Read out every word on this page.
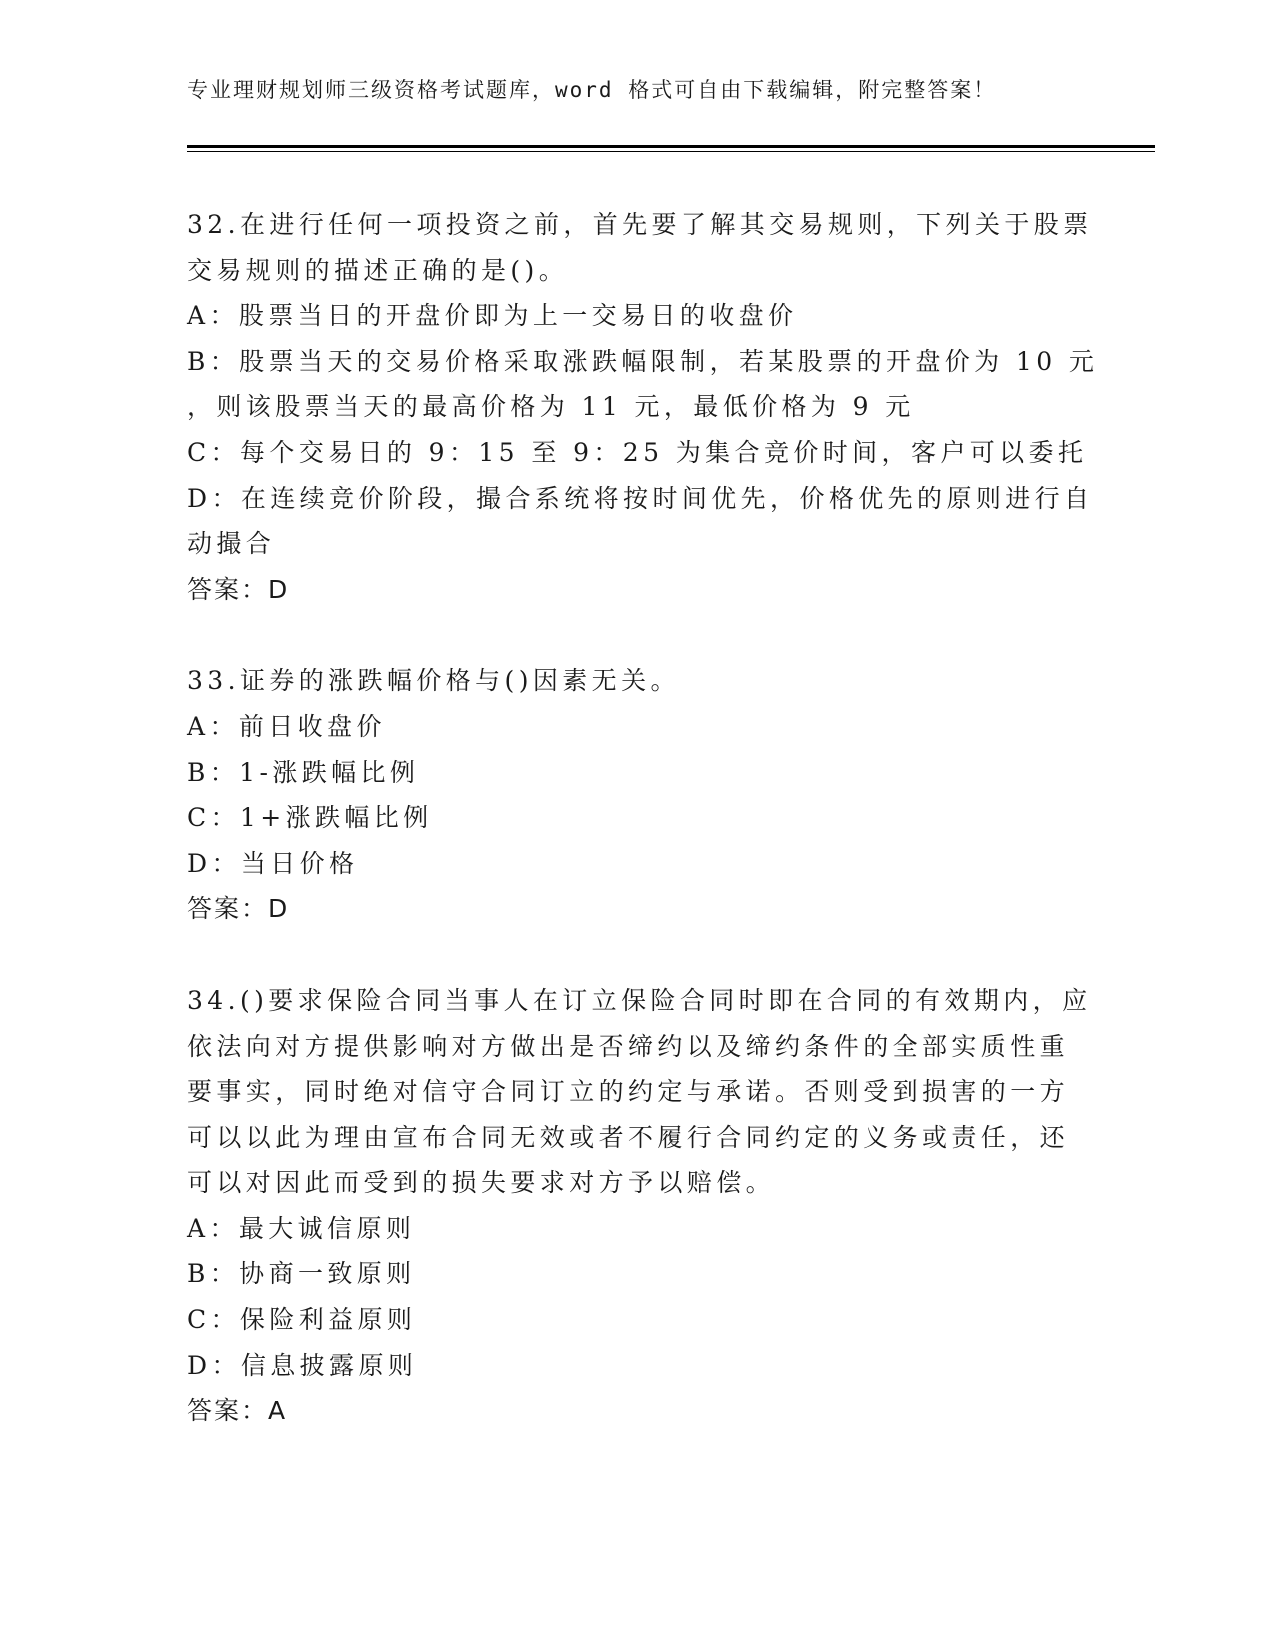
专业理财规划师三级资格考试题库，word 格式可自由下载编辑，附完整答案！
32.在进行任何一项投资之前，首先要了解其交易规则，下列关于股票
交易规则的描述正确的是()。
A：股票当日的开盘价即为上一交易日的收盘价
B：股票当天的交易价格采取涨跌幅限制，若某股票的开盘价为 10 元
，则该股票当天的最高价格为 11 元，最低价格为 9 元
C：每个交易日的 9：15 至 9：25 为集合竞价时间，客户可以委托
D：在连续竞价阶段，撮合系统将按时间优先，价格优先的原则进行自
动撮合
答案：D
33.证券的涨跌幅价格与()因素无关。
A：前日收盘价
B：1-涨跌幅比例
C：1+涨跌幅比例
D：当日价格
答案：D
34.()要求保险合同当事人在订立保险合同时即在合同的有效期内，应
依法向对方提供影响对方做出是否缔约以及缔约条件的全部实质性重
要事实，同时绝对信守合同订立的约定与承诺。否则受到损害的一方
可以以此为理由宣布合同无效或者不履行合同约定的义务或责任，还
可以对因此而受到的损失要求对方予以赔偿。
A：最大诚信原则
B：协商一致原则
C：保险利益原则
D：信息披露原则
答案：A
